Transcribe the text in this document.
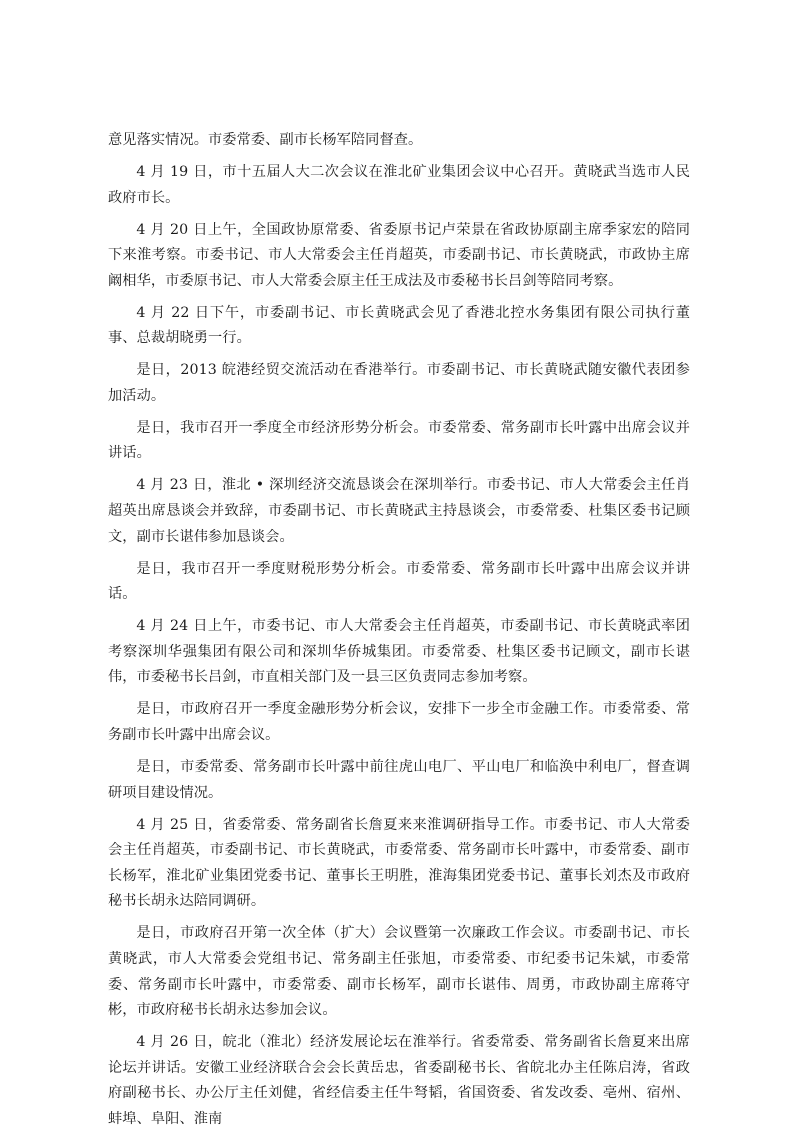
意见落实情况。市委常委、副市长杨军陪同督查。

4 月 19 日，市十五届人大二次会议在淮北矿业集团会议中心召开。黄晓武当选市人民政府市长。

4 月 20 日上午，全国政协原常委、省委原书记卢荣景在省政协原副主席季家宏的陪同下来淮考察。市委书记、市人大常委会主任肖超英，市委副书记、市长黄晓武，市政协主席阚相华，市委原书记、市人大常委会原主任王成法及市委秘书长吕剑等陪同考察。

4 月 22 日下午，市委副书记、市长黄晓武会见了香港北控水务集团有限公司执行董事、总裁胡晓勇一行。

是日，2013 皖港经贸交流活动在香港举行。市委副书记、市长黄晓武随安徽代表团参加活动。

是日，我市召开一季度全市经济形势分析会。市委常委、常务副市长叶露中出席会议并讲话。

4 月 23 日，淮北 • 深圳经济交流恳谈会在深圳举行。市委书记、市人大常委会主任肖超英出席恳谈会并致辞，市委副书记、市长黄晓武主持恳谈会，市委常委、杜集区委书记顾文，副市长谌伟参加恳谈会。

是日，我市召开一季度财税形势分析会。市委常委、常务副市长叶露中出席会议并讲话。

4 月 24 日上午，市委书记、市人大常委会主任肖超英，市委副书记、市长黄晓武率团考察深圳华强集团有限公司和深圳华侨城集团。市委常委、杜集区委书记顾文，副市长谌伟，市委秘书长吕剑，市直相关部门及一县三区负责同志参加考察。

是日，市政府召开一季度金融形势分析会议，安排下一步全市金融工作。市委常委、常务副市长叶露中出席会议。

是日，市委常委、常务副市长叶露中前往虎山电厂、平山电厂和临涣中利电厂，督查调研项目建设情况。

4 月 25 日，省委常委、常务副省长詹夏来来淮调研指导工作。市委书记、市人大常委会主任肖超英，市委副书记、市长黄晓武，市委常委、常务副市长叶露中，市委常委、副市长杨军，淮北矿业集团党委书记、董事长王明胜，淮海集团党委书记、董事长刘杰及市政府秘书长胡永达陪同调研。

是日，市政府召开第一次全体（扩大）会议暨第一次廉政工作会议。市委副书记、市长黄晓武，市人大常委会党组书记、常务副主任张旭，市委常委、市纪委书记朱斌，市委常委、常务副市长叶露中，市委常委、副市长杨军，副市长谌伟、周勇，市政协副主席蒋守彬，市政府秘书长胡永达参加会议。

4 月 26 日，皖北（淮北）经济发展论坛在淮举行。省委常委、常务副省长詹夏来出席论坛并讲话。安徽工业经济联合会会长黄岳忠，省委副秘书长、省皖北办主任陈启涛，省政府副秘书长、办公厅主任刘健，省经信委主任牛弩韬，省国资委、省发改委、亳州、宿州、蚌埠、阜阳、淮南
